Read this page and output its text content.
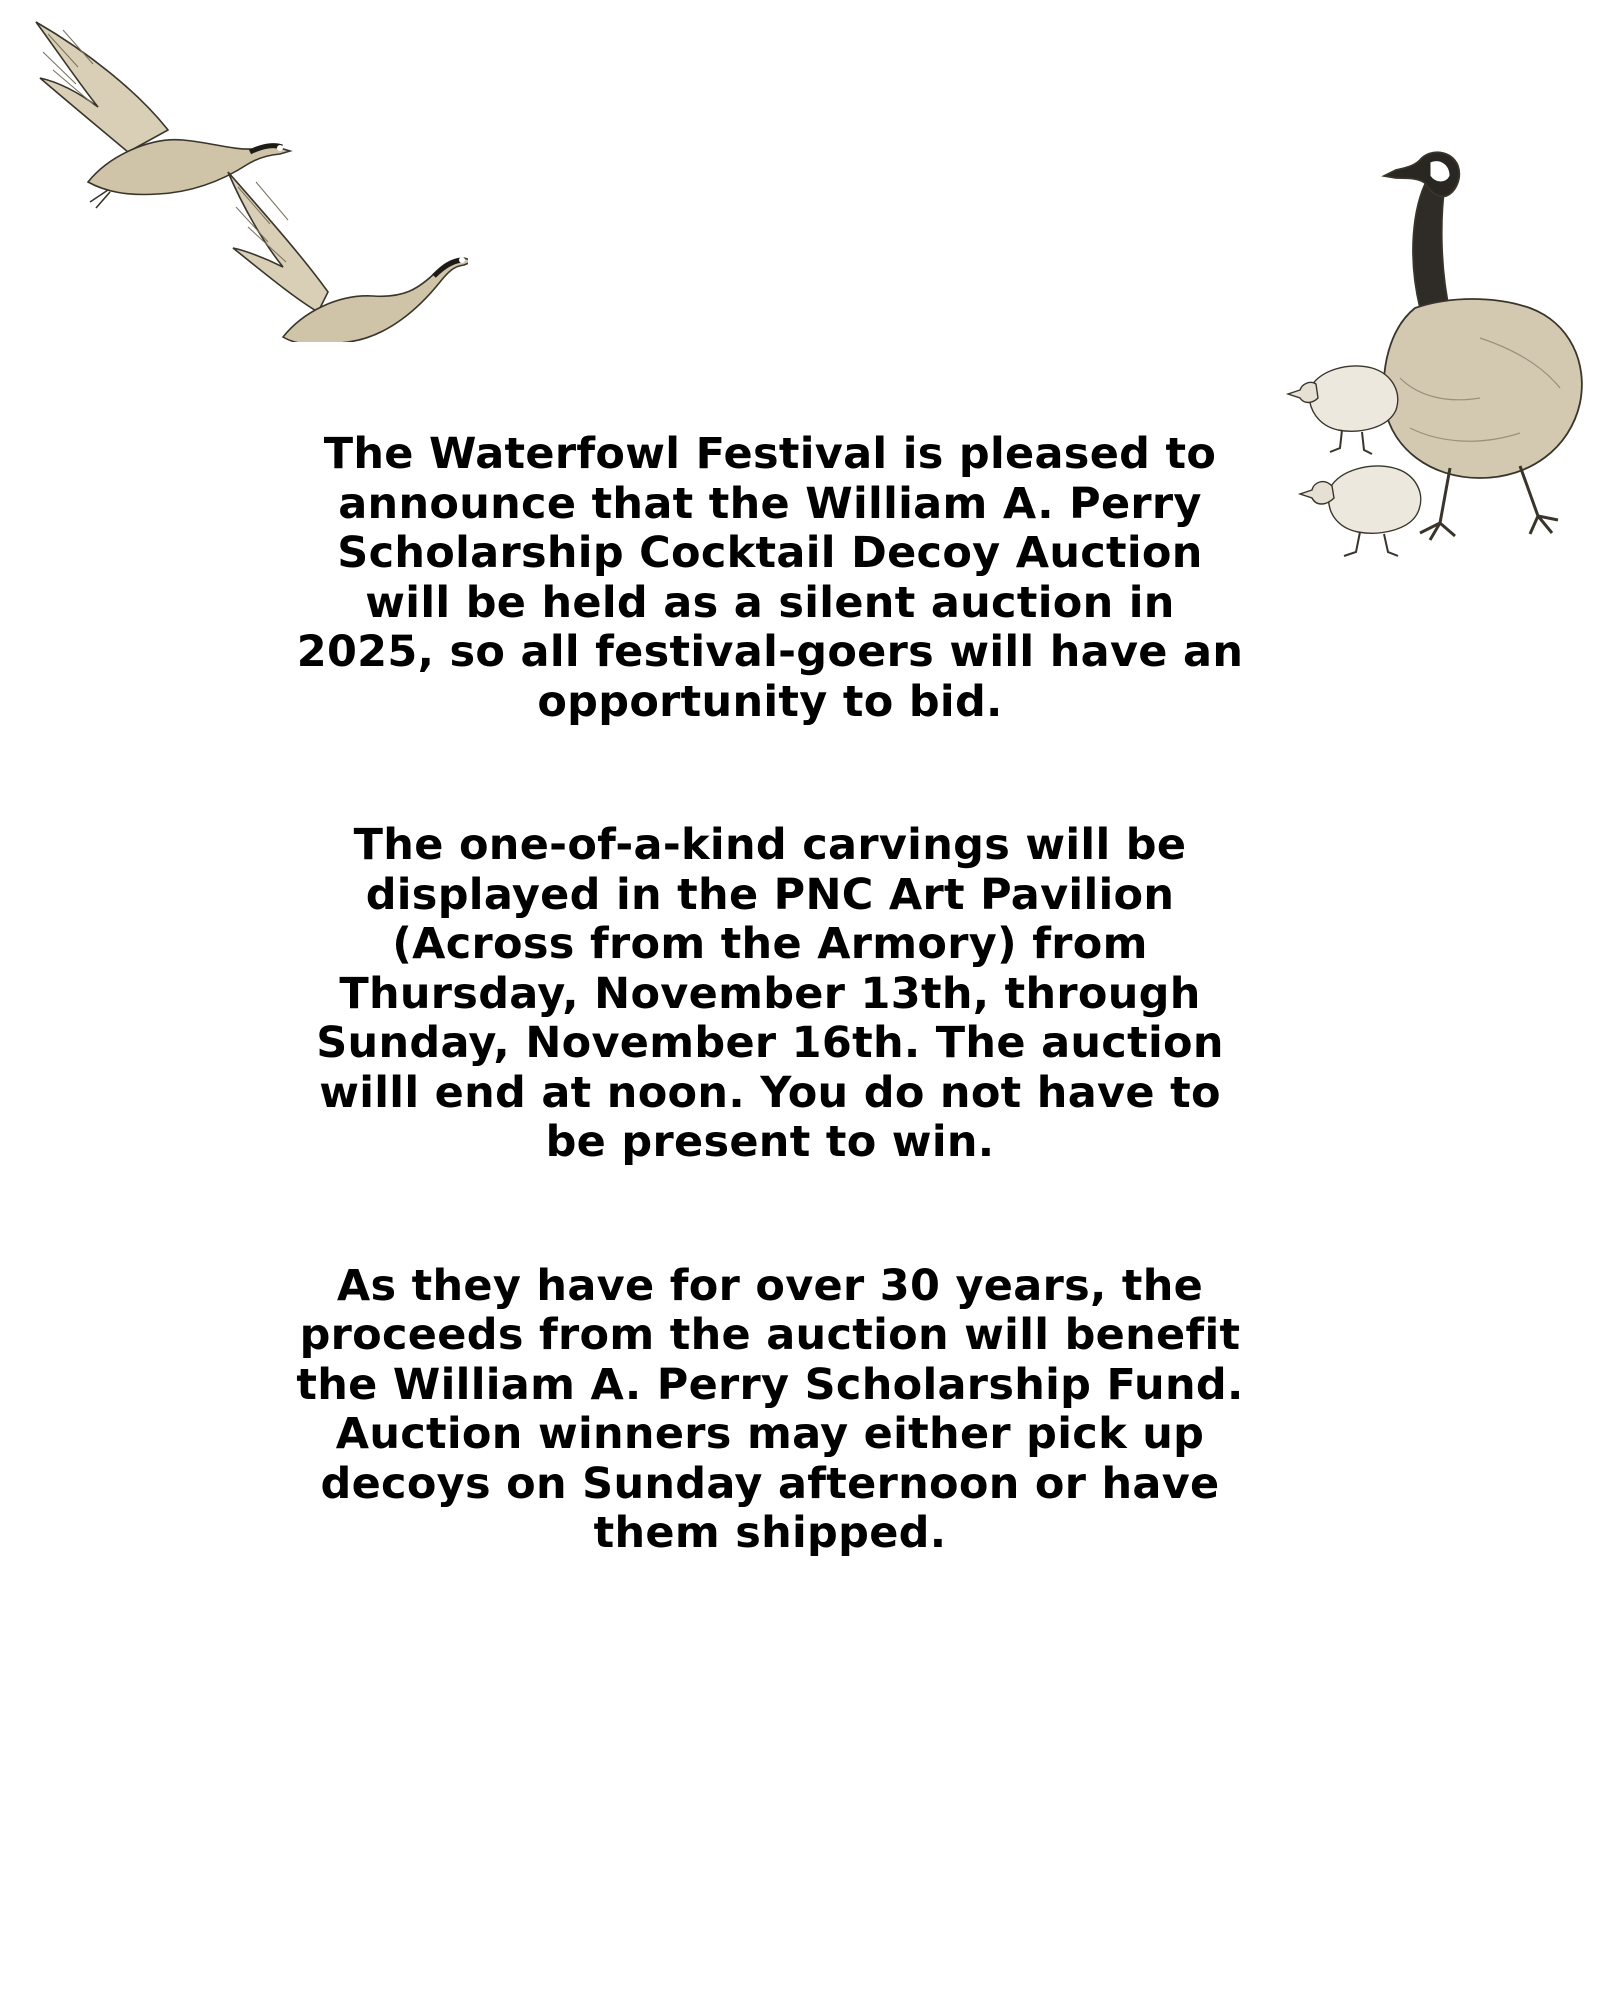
The Waterfowl Festival is pleased to announce that the William A. Perry Scholarship Cocktail Decoy Auction will be held as a silent auction in 2025, so all festival-goers will have an opportunity to bid.

The one-of-a-kind carvings will be displayed in the PNC Art Pavilion (Across from the Armory) from Thursday, November 13th, through Sunday, November 16th. The auction willl end at noon. You do not have to be present to win.

As they have for over 30 years, the proceeds from the auction will benefit the William A. Perry Scholarship Fund. Auction winners may either pick up decoys on Sunday afternoon or have them shipped.
